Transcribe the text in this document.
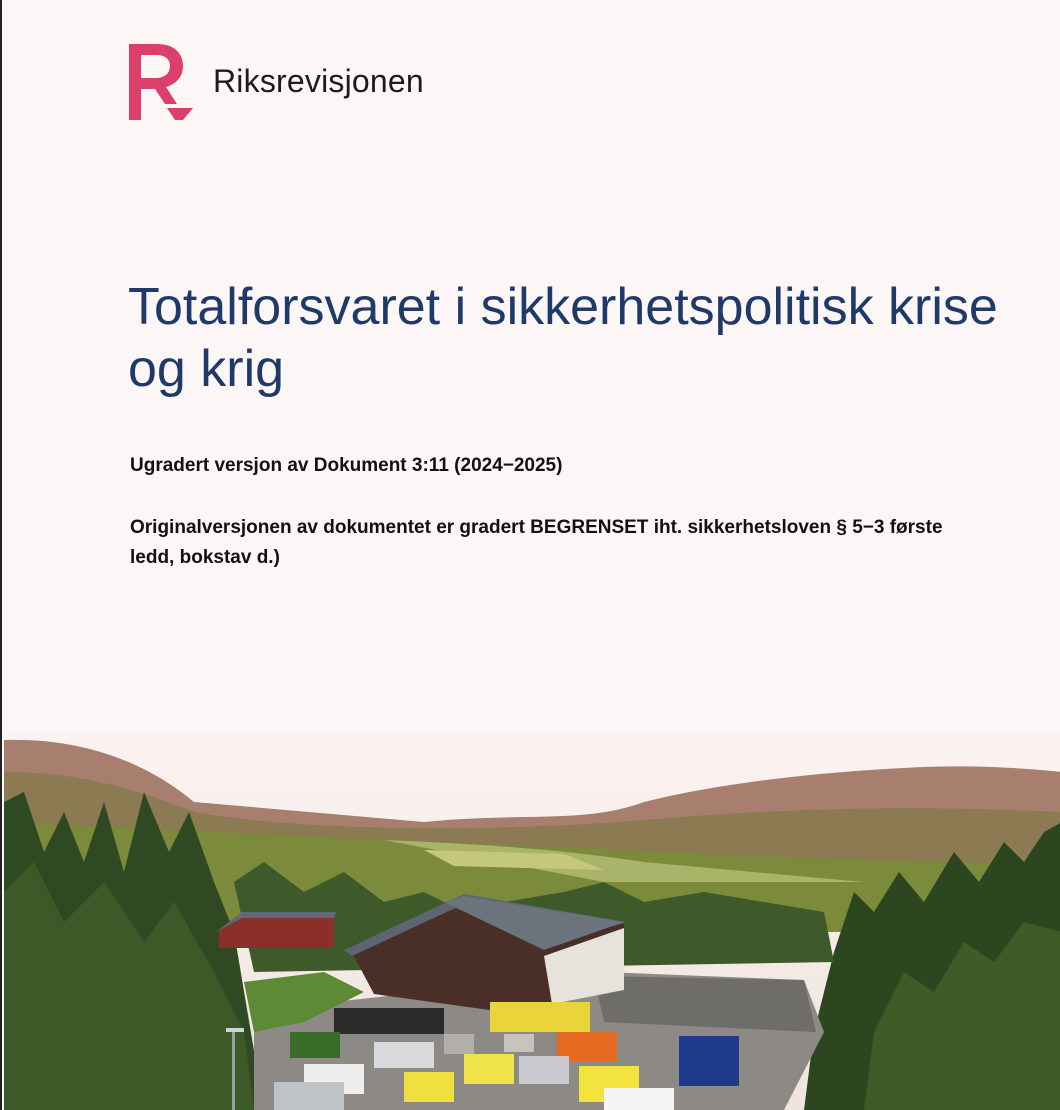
Riksrevisjonen
Totalforsvaret i sikkerhetspolitisk krise og krig

Ugradert versjon av Dokument 3:11 (2024−2025)

Originalversjonen av dokumentet er gradert BEGRENSET iht. sikkerhetsloven § 5−3 første ledd, bokstav d.)
